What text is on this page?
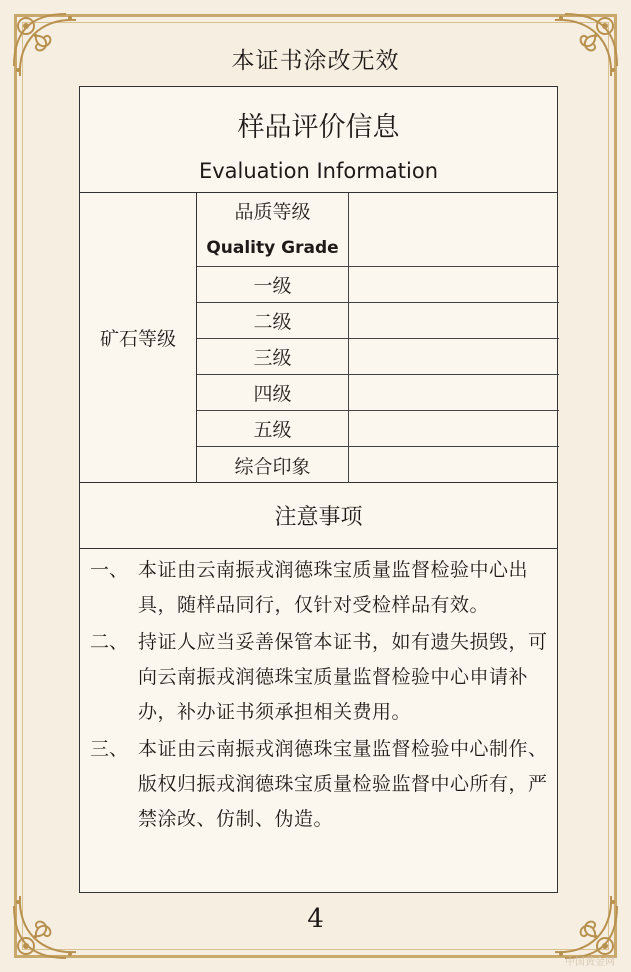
本证书涂改无效
样品评价信息
Evaluation Information
矿石等级
品质等级
Quality Grade
一级
二级
三级
四级
五级
综合印象
注意事项
一、 本证由云南振戎润德珠宝质量监督检验中心出具，随样品同行，仅针对受检样品有效。
二、 持证人应当妥善保管本证书，如有遗失损毁，可向云南振戎润德珠宝质量监督检验中心申请补办，补办证书须承担相关费用。
三、 本证由云南振戎润德珠宝量监督检验中心制作、版权归振戎润德珠宝质量检验监督中心所有，严禁涂改、仿制、伪造。
4
中国黄金网
